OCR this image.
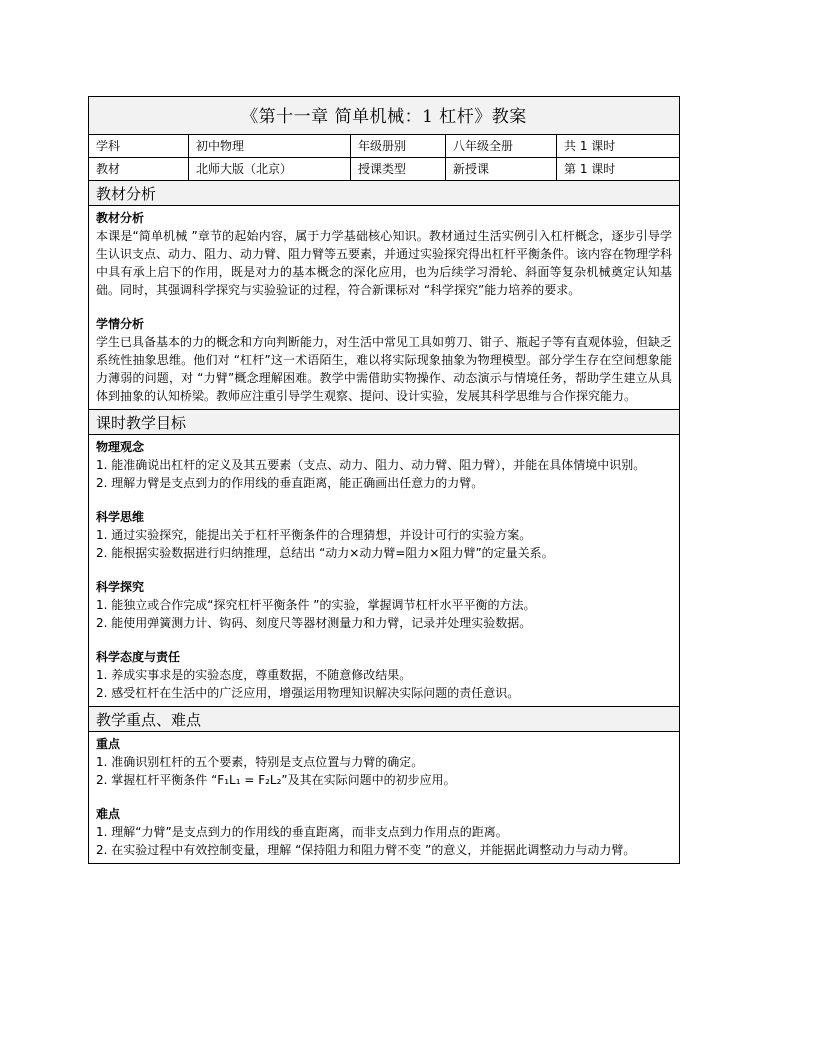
《第十一章 简单机械：1 杠杆》教案
学科	初中物理	年级册别	八年级全册	共 1 课时
教材	北师大版（北京）	授课类型	新授课	第 1 课时
教材分析

教材分析

本课是“简单机械 ”章节的起始内容，属于力学基础核心知识。教材通过生活实例引入杠杆概念，逐步引导学生认识支点、动力、阻力、动力臂、阻力臂等五要素，并通过实验探究得出杠杆平衡条件。该内容在物理学科中具有承上启下的作用，既是对力的基本概念的深化应用，也为后续学习滑轮、斜面等复杂机械奠定认知基础。同时，其强调科学探究与实验验证的过程，符合新课标对 “科学探究”能力培养的要求。

学情分析

学生已具备基本的力的概念和方向判断能力，对生活中常见工具如剪刀、钳子、瓶起子等有直观体验，但缺乏系统性抽象思维。他们对 “杠杆”这一术语陌生，难以将实际现象抽象为物理模型。部分学生存在空间想象能力薄弱的问题，对 “力臂”概念理解困难。教学中需借助实物操作、动态演示与情境任务，帮助学生建立从具体到抽象的认知桥梁。教师应注重引导学生观察、提问、设计实验，发展其科学思维与合作探究能力。

课时教学目标

物理观念

1. 能准确说出杠杆的定义及其五要素（支点、动力、阻力、动力臂、阻力臂），并能在具体情境中识别。

2. 理解力臂是支点到力的作用线的垂直距离，能正确画出任意力的力臂。

科学思维

1. 通过实验探究，能提出关于杠杆平衡条件的合理猜想，并设计可行的实验方案。

2. 能根据实验数据进行归纳推理，总结出 “动力×动力臂=阻力×阻力臂”的定量关系。

科学探究

1. 能独立或合作完成“探究杠杆平衡条件 ”的实验，掌握调节杠杆水平平衡的方法。

2. 能使用弹簧测力计、钩码、刻度尺等器材测量力和力臂，记录并处理实验数据。

科学态度与责任

1. 养成实事求是的实验态度，尊重数据，不随意修改结果。

2. 感受杠杆在生活中的广泛应用，增强运用物理知识解决实际问题的责任意识。

教学重点、难点

重点

1. 准确识别杠杆的五个要素，特别是支点位置与力臂的确定。

2. 掌握杠杆平衡条件 “F₁L₁ = F₂L₂”及其在实际问题中的初步应用。

难点

1. 理解“力臂”是支点到力的作用线的垂直距离，而非支点到力作用点的距离。

2. 在实验过程中有效控制变量，理解 “保持阻力和阻力臂不变 ”的意义，并能据此调整动力与动力臂。
